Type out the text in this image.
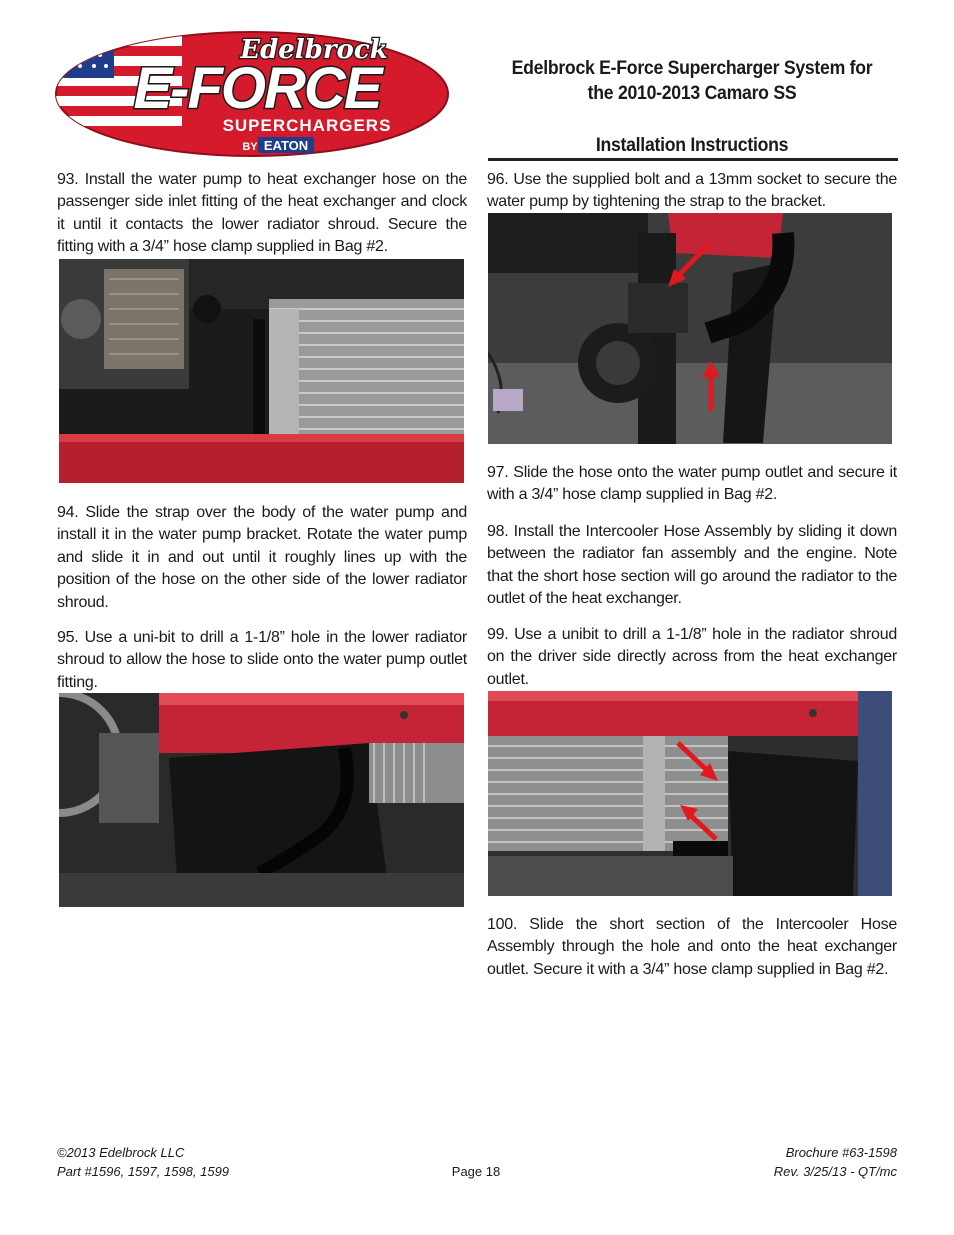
E-FORCE
Edelbrock
SUPERCHARGERS
BY EATON
Edelbrock E-Force Supercharger System for
the 2010-2013 Camaro SS
Installation Instructions
93. Install the water pump to heat exchanger hose on the passenger side inlet fitting of the heat exchanger and clock it until it contacts the lower radiator shroud. Secure the fitting with a 3/4” hose clamp supplied in Bag #2.
94. Slide the strap over the body of the water pump and install it in the water pump bracket. Rotate the water pump and slide it in and out until it roughly lines up with the position of the hose on the other side of the lower radiator shroud.
95. Use a uni-bit to drill a 1-1/8” hole in the lower radiator shroud to allow the hose to slide onto the water pump outlet fitting.
96. Use the supplied bolt and a 13mm socket to secure the water pump by tightening the strap to the bracket.
97. Slide the hose onto the water pump outlet and secure it with a 3/4” hose clamp supplied in Bag #2.
98. Install the Intercooler Hose Assembly by sliding it down between the radiator fan assembly and the engine. Note that the short hose section will go around the radiator to the outlet of the heat exchanger.
99. Use a unibit to drill a 1-1/8” hole in the radiator shroud on the driver side directly across from the heat exchanger outlet.
100. Slide the short section of the Intercooler Hose Assembly through the hole and onto the heat exchanger outlet. Secure it with a 3/4” hose clamp supplied in Bag #2.
©2013 Edelbrock LLC
Part #1596, 1597, 1598, 1599	Page 18
Brochure #63-1598
Rev. 3/25/13 - QT/mc
